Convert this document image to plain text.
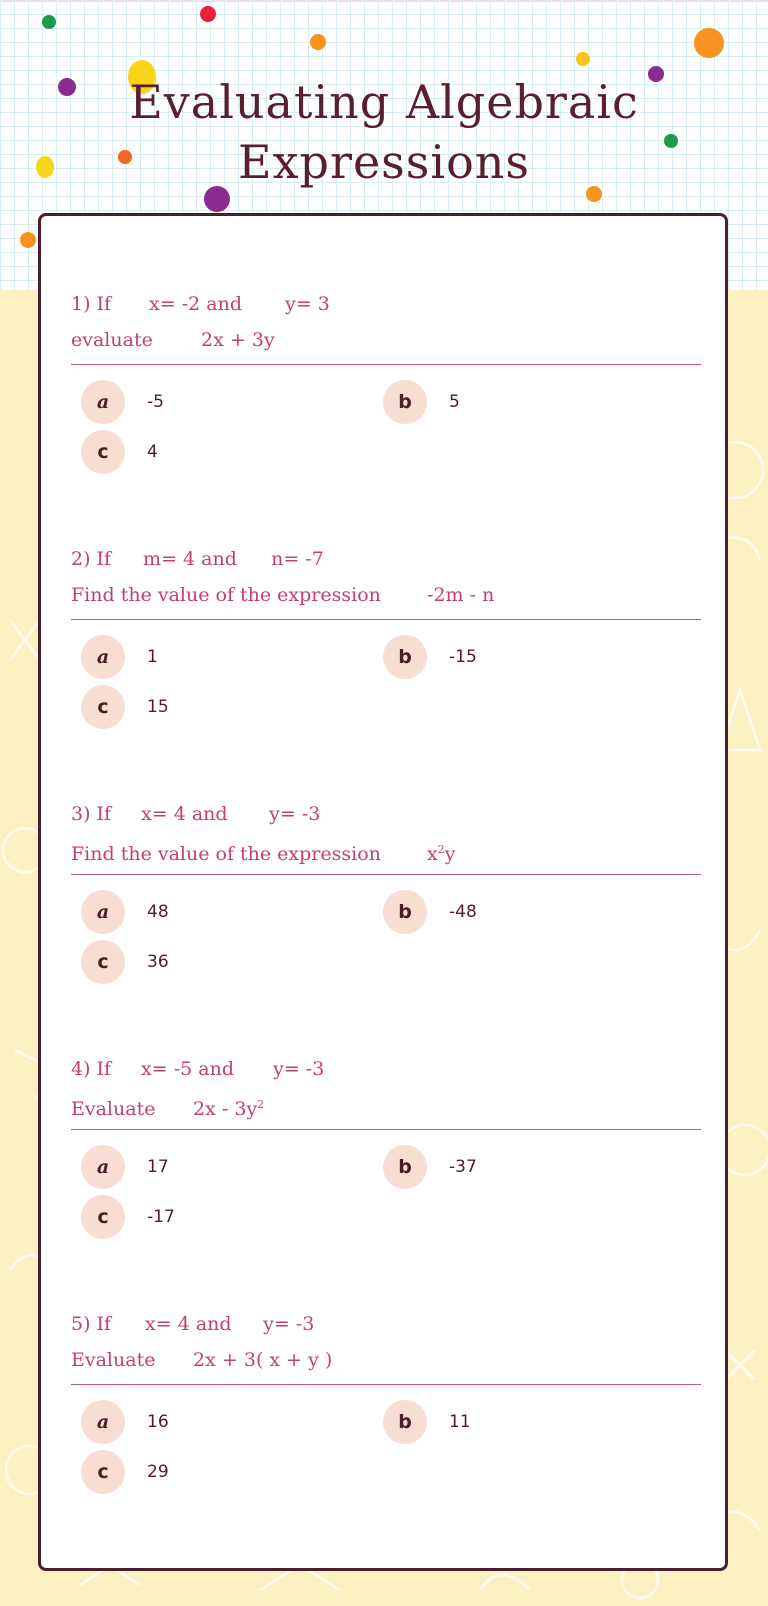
Evaluating Algebraic
Expressions
1) If x= -2 and y= 3
evaluate	2x + 3y
a	-5	b	5
c	4
2) If m= 4 and n= -7
Find the value of the expression -2m - n
a	1	b	-15
c	15
3) If x= 4 and y= -3
Find the value of the expression $x^2y$
a	48	b	-48
c	36
4) If x= -5 and y= -3
Evaluate $2x - 3y^2$
a	17	b	-37
c	-17
5) If x= 4 and y= -3
Evaluate 2x + 3( x + y )
a	16	b	11
c	29
